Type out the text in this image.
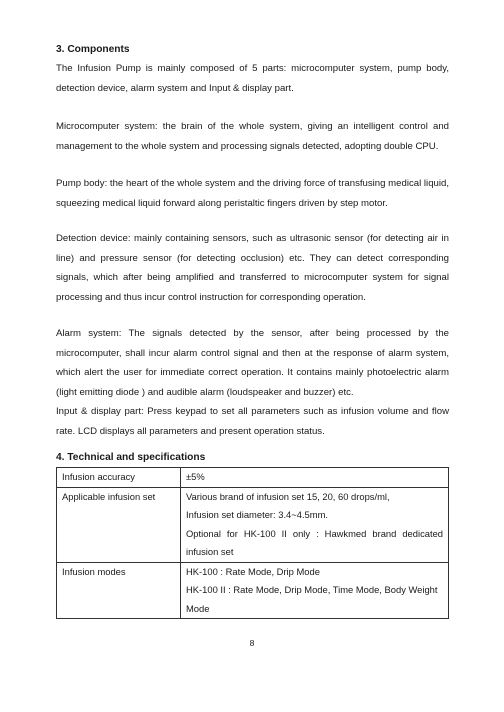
3. Components

The Infusion Pump is mainly composed of 5 parts: microcomputer system, pump body, detection device, alarm system and Input & display part.

Microcomputer system: the brain of the whole system, giving an intelligent control and management to the whole system and processing signals detected, adopting double CPU.

Pump body: the heart of the whole system and the driving force of transfusing medical liquid, squeezing medical liquid forward along peristaltic fingers driven by step motor.

Detection device: mainly containing sensors, such as ultrasonic sensor (for detecting air in line) and pressure sensor (for detecting occlusion) etc. They can detect corresponding signals, which after being amplified and transferred to microcomputer system for signal processing and thus incur control instruction for corresponding operation.

Alarm system: The signals detected by the sensor, after being processed by the microcomputer, shall incur alarm control signal and then at the response of alarm system, which alert the user for immediate correct operation. It contains mainly photoelectric alarm (light emitting diode ) and audible alarm (loudspeaker and buzzer) etc.

Input & display part: Press keypad to set all parameters such as infusion volume and flow rate. LCD displays all parameters and present operation status.

4. Technical and specifications
Infusion accuracy	±5%

Applicable infusion set	Various brand of infusion set 15, 20, 60 drops/ml,
Infusion set diameter: 3.4~4.5mm.
Optional for HK-100 II only : Hawkmed brand dedicated
infusion set

Infusion modes	HK-100 : Rate Mode, Drip Mode
HK-100 II : Rate Mode, Drip Mode, Time Mode, Body Weight
Mode
8
